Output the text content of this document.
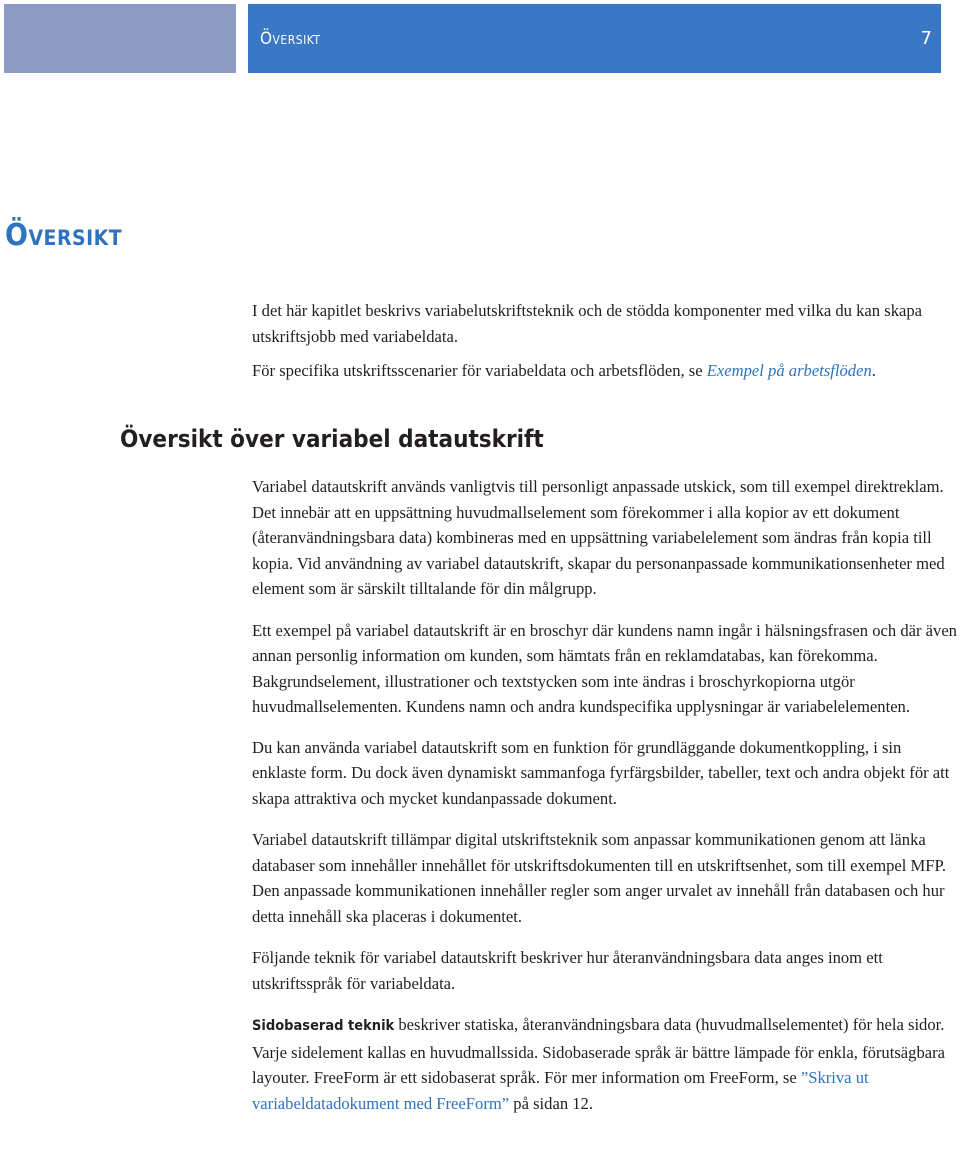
Översikt	7
Översikt

I det här kapitlet beskrivs variabelutskriftsteknik och de stödda komponenter med vilka du kan skapa utskriftsjobb med variabeldata.

För specifika utskriftsscenarier för variabeldata och arbetsflöden, se Exempel på arbetsflöden.

Översikt över variabel datautskrift

Variabel datautskrift används vanligtvis till personligt anpassade utskick, som till exempel direktreklam. Det innebär att en uppsättning huvudmallselement som förekommer i alla kopior av ett dokument (återanvändningsbara data) kombineras med en uppsättning variabelelement som ändras från kopia till kopia. Vid användning av variabel datautskrift, skapar du personanpassade kommunikationsenheter med element som är särskilt tilltalande för din målgrupp.

Ett exempel på variabel datautskrift är en broschyr där kundens namn ingår i hälsningsfrasen och där även annan personlig information om kunden, som hämtats från en reklamdatabas, kan förekomma. Bakgrundselement, illustrationer och textstycken som inte ändras i broschyrkopiorna utgör huvudmallselementen. Kundens namn och andra kundspecifika upplysningar är variabelelementen.

Du kan använda variabel datautskrift som en funktion för grundläggande dokumentkoppling, i sin enklaste form. Du dock även dynamiskt sammanfoga fyrfärgsbilder, tabeller, text och andra objekt för att skapa attraktiva och mycket kundanpassade dokument.

Variabel datautskrift tillämpar digital utskriftsteknik som anpassar kommunikationen genom att länka databaser som innehåller innehållet för utskriftsdokumenten till en utskriftsenhet, som till exempel MFP. Den anpassade kommunikationen innehåller regler som anger urvalet av innehåll från databasen och hur detta innehåll ska placeras i dokumentet.

Följande teknik för variabel datautskrift beskriver hur återanvändningsbara data anges inom ett utskriftsspråk för variabeldata.

Sidobaserad teknik beskriver statiska, återanvändningsbara data (huvudmallselementet) för hela sidor. Varje sidelement kallas en huvudmallssida. Sidobaserade språk är bättre lämpade för enkla, förutsägbara layouter. FreeForm är ett sidobaserat språk. För mer information om FreeForm, se ”Skriva ut variabeldatadokument med FreeForm” på sidan 12.
